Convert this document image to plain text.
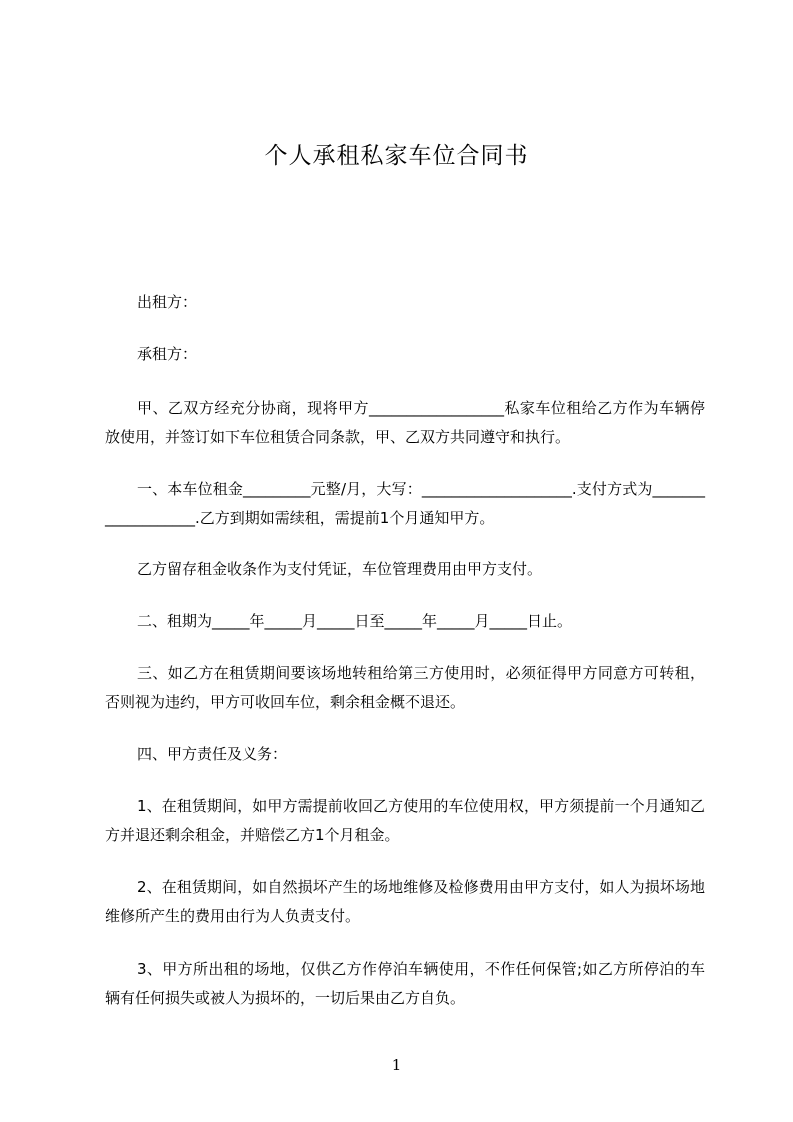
个人承租私家车位合同书
出租方：
承租方：
甲、乙双方经充分协商，现将甲方__________________私家车位租给乙方作为车辆停放使用，并签订如下车位租赁合同条款，甲、乙双方共同遵守和执行。
一、本车位租金_________元整/月，大写：____________________.支付方式为___________________.乙方到期如需续租，需提前1个月通知甲方。
乙方留存租金收条作为支付凭证，车位管理费用由甲方支付。
二、租期为_____年_____月_____日至_____年_____月_____日止。
三、如乙方在租赁期间要该场地转租给第三方使用时，必须征得甲方同意方可转租，否则视为违约，甲方可收回车位，剩余租金概不退还。
四、甲方责任及义务：
1、在租赁期间，如甲方需提前收回乙方使用的车位使用权，甲方须提前一个月通知乙方并退还剩余租金，并赔偿乙方1个月租金。
2、在租赁期间，如自然损坏产生的场地维修及检修费用由甲方支付，如人为损坏场地维修所产生的费用由行为人负责支付。
3、甲方所出租的场地，仅供乙方作停泊车辆使用，不作任何保管;如乙方所停泊的车辆有任何损失或被人为损坏的，一切后果由乙方自负。
1
